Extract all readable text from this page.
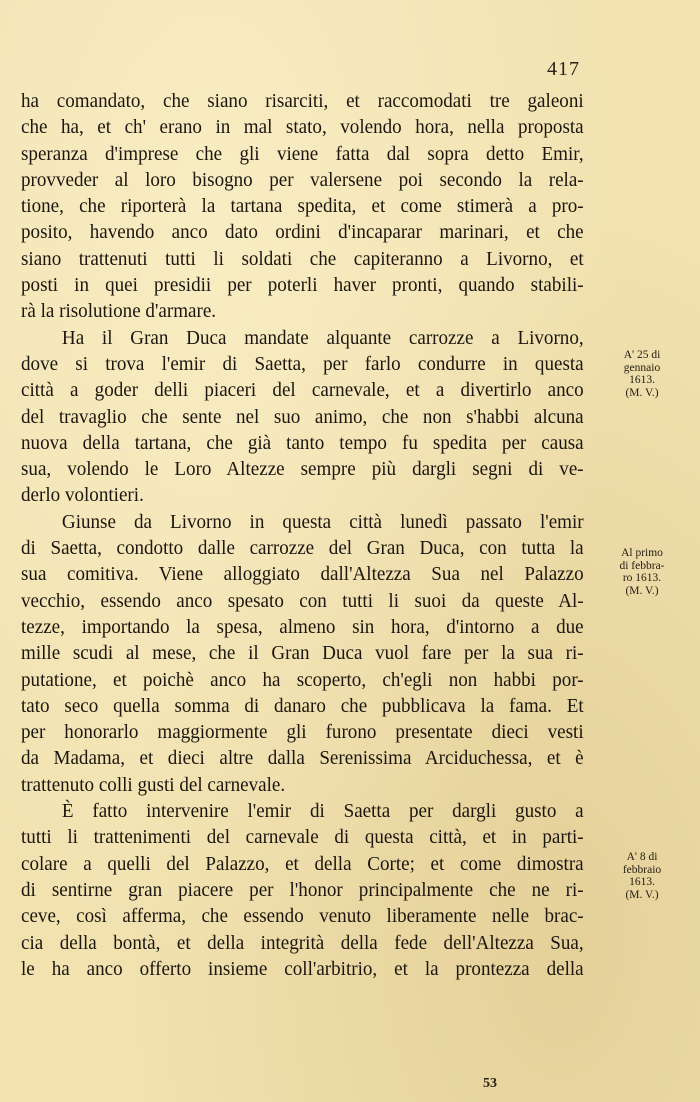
417
ha comandato, che siano risarciti, et raccomodati tre galeoni
che ha, et ch' erano in mal stato, volendo hora, nella proposta
speranza d'imprese che gli viene fatta dal sopra detto Emir,
provveder al loro bisogno per valersene poi secondo la rela-
tione, che riporterà la tartana spedita, et come stimerà a pro-
posito, havendo anco dato ordini d'incaparar marinari, et che
siano trattenuti tutti li soldati che capiteranno a Livorno, et
posti in quei presidii per poterli haver pronti, quando stabili-
rà la risolutione d'armare.
Ha il Gran Duca mandate alquante carrozze a Livorno,
dove si trova l'emir di Saetta, per farlo condurre in questa
città a goder delli piaceri del carnevale, et a divertirlo anco
del travaglio che sente nel suo animo, che non s'habbi alcuna
nuova della tartana, che già tanto tempo fu spedita per causa
sua, volendo le Loro Altezze sempre più dargli segni di ve-
derlo volontieri.
Giunse da Livorno in questa città lunedì passato l'emir
di Saetta, condotto dalle carrozze del Gran Duca, con tutta la
sua comitiva. Viene alloggiato dall'Altezza Sua nel Palazzo
vecchio, essendo anco spesato con tutti li suoi da queste Al-
tezze, importando la spesa, almeno sin hora, d'intorno a due
mille scudi al mese, che il Gran Duca vuol fare per la sua ri-
putatione, et poichè anco ha scoperto, ch'egli non habbi por-
tato seco quella somma di danaro che pubblicava la fama. Et
per honorarlo maggiormente gli furono presentate dieci vesti
da Madama, et dieci altre dalla Serenissima Arciduchessa, et è
trattenuto colli gusti del carnevale.
È fatto intervenire l'emir di Saetta per dargli gusto a
tutti li trattenimenti del carnevale di questa città, et in parti-
colare a quelli del Palazzo, et della Corte; et come dimostra
di sentirne gran piacere per l'honor principalmente che ne ri-
ceve, così afferma, che essendo venuto liberamente nelle brac-
cia della bontà, et della integrità della fede dell'Altezza Sua,
le ha anco offerto insieme coll'arbitrio, et la prontezza della
A' 25 di
gennaio
1613.
(M. V.)
Al primo
di febbra-
ro 1613.
(M. V.)
A' 8 di
febbraio
1613.
(M. V.)
53
